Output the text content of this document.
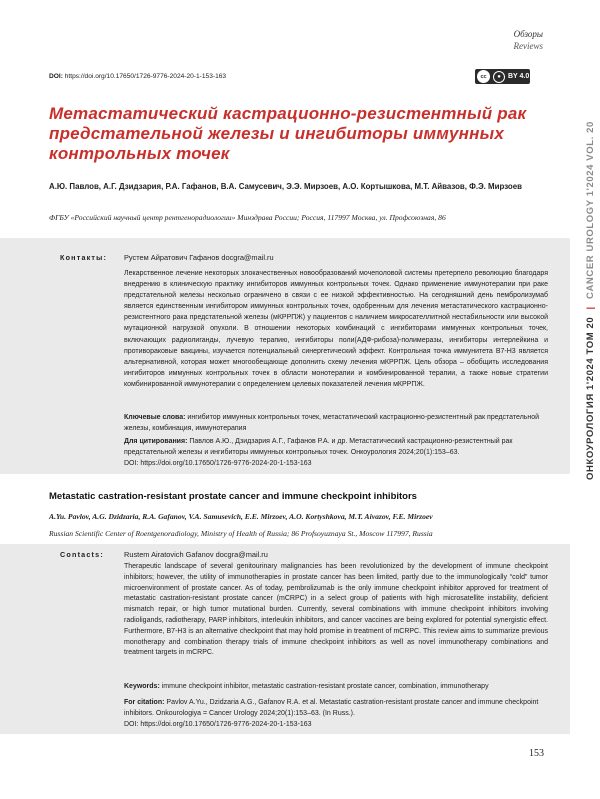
Обзоры
Reviews
DOI: https://doi.org/10.17650/1726-9776-2024-20-1-153-163	cc	●	BY 4.0
Метастатический кастрационно-резистентный рак предстательной железы и ингибиторы иммунных контрольных точек
А.Ю. Павлов, А.Г. Дзидзария, Р.А. Гафанов, В.А. Самусевич, Э.Э. Мирзоев, А.О. Кортышкова, М.Т. Айвазов, Ф.Э. Мирзоев
ФГБУ «Российский научный центр рентгенорадиологии» Минздрава России; Россия, 117997 Москва, ул. Профсоюзная, 86
Контакты: Рустем Айратович Гафанов docgra@mail.ru
Лекарственное лечение некоторых злокачественных новообразований мочеполовой системы претерпело революцию благодаря внедрению в клиническую практику ингибиторов иммунных контрольных точек. Однако применение иммунотерапии при раке предстательной железы несколько ограничено в связи с ее низкой эффективностью. На сегодняшний день пембролизумаб является единственным ингибитором иммунных контрольных точек, одобренным для лечения метастатического кастрационно-резистентного рака предстательной железы (мКРРПЖ) у пациентов с наличием микросателлитной нестабильности или высокой мутационной нагрузкой опухоли. В отношении некоторых комбинаций с ингибиторами иммунных контрольных точек, включающих радиолиганды, лучевую терапию, ингибиторы поли(АДФ-рибоза)-полимеразы, ингибиторы интерлейкина и противораковые вакцины, изучается потенциальный синергетический эффект. Контрольная точка иммунитета B7-H3 является альтернативной, которая может многообещающе дополнить схему лечения мКРРПЖ. Цель обзора – обобщить исследования ингибиторов иммунных контрольных точек в области монотерапии и комбинированной терапии, а также новые стратегии комбинированной иммунотерапии с определением целевых показателей лечения мКРРПЖ.
Ключевые слова: ингибитор иммунных контрольных точек, метастатический кастрационно-резистентный рак предстательной железы, комбинация, иммунотерапия
Для цитирования: Павлов А.Ю., Дзидзария А.Г., Гафанов Р.А. и др. Метастатический кастрационно-резистентный рак предстательной железы и ингибиторы иммунных контрольных точек. Онкоурология 2024;20(1):153–63.
DOI: https://doi.org/10.17650/1726-9776-2024-20-1-153-163
Metastatic castration-resistant prostate cancer and immune checkpoint inhibitors
A.Yu. Pavlov, A.G. Dzidzaria, R.A. Gafanov, V.A. Samusevich, E.E. Mirzoev, A.O. Kortyshkova, M.T. Aivazov, F.E. Mirzoev
Russian Scientific Center of Roentgenoradiology, Ministry of Health of Russia; 86 Profsoyuznaya St., Moscow 117997, Russia
Contacts:	Rustem Airatovich Gafanov docgra@mail.ru
Therapeutic landscape of several genitourinary malignancies has been revolutionized by the development of immune checkpoint inhibitors; however, the utility of immunotherapies in prostate cancer has been limited, partly due to the immunologically “cold” tumor microenvironment of prostate cancer. As of today, pembrolizumab is the only immune checkpoint inhibitor approved for treatment of metastatic castration-resistant prostate cancer (mCRPC) in a select group of patients with high microsatellite instability, deficient mismatch repair, or high tumor mutational burden. Currently, several combinations with immune checkpoint inhibitors involving radioligands, radiotherapy, PARP inhibitors, interleukin inhibitors, and cancer vaccines are being explored for potential synergistic effect. Furthermore, B7-H3 is an alternative checkpoint that may hold promise in treatment of mCRPC. This review aims to summarize previous monotherapy and combination therapy trials of immune checkpoint inhibitors as well as novel immunotherapy combinations and treatment targets in mCRPC.
Keywords: immune checkpoint inhibitor, metastatic castration-resistant prostate cancer, combination, immunotherapy
For citation: Pavlov A.Yu., Dzidzaria A.G., Gafanov R.A. et al. Metastatic castration-resistant prostate cancer and immune checkpoint inhibitors. Onkourologiya = Cancer Urology 2024;20(1):153–63. (In Russ.).
DOI: https://doi.org/10.17650/1726-9776-2024-20-1-153-163
153
ОНКОУРОЛОГИЯ 1'2024 ТОМ 20 | CANCER UROLOGY 1'2024 VOL. 20
